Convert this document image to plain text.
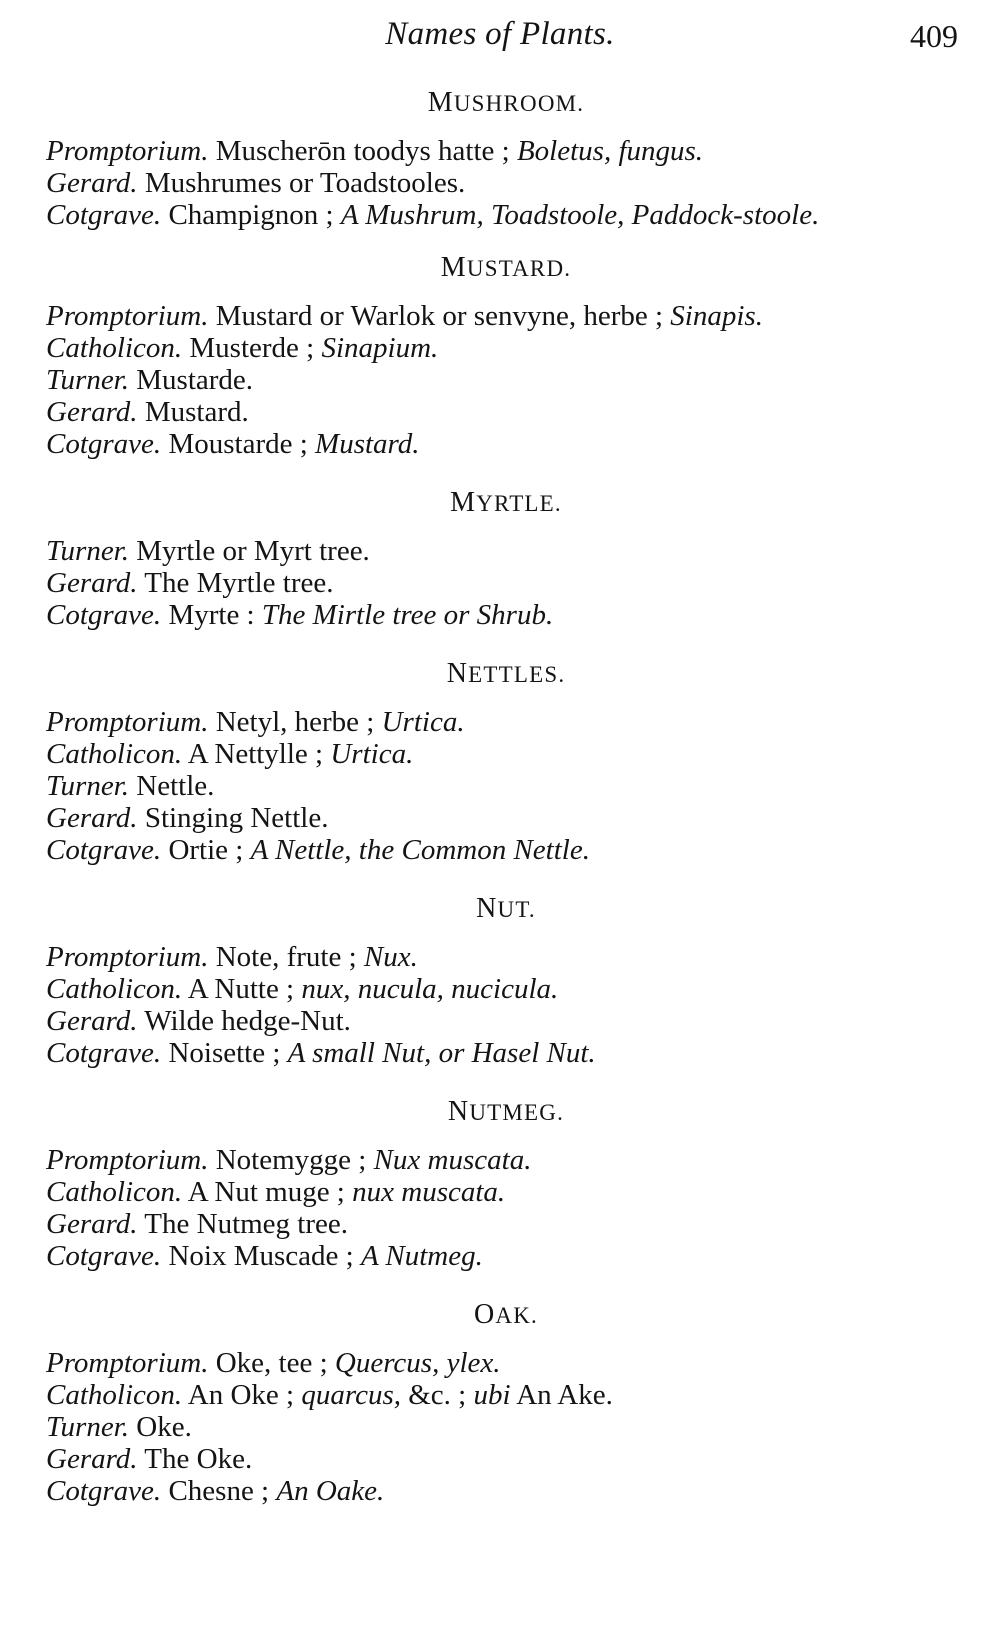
Names of Plants.	409
MUSHROOM.

Promptorium. Muscherōn toodys hatte ; Boletus, fungus.

Gerard. Mushrumes or Toadstooles.

Cotgrave. Champignon ; A Mushrum, Toadstoole, Paddock-stoole.

MUSTARD.

Promptorium. Mustard or Warlok or senvyne, herbe ; Sinapis.

Catholicon. Musterde ; Sinapium.

Turner. Mustarde.

Gerard. Mustard.

Cotgrave. Moustarde ; Mustard.

MYRTLE.

Turner. Myrtle or Myrt tree.

Gerard. The Myrtle tree.

Cotgrave. Myrte : The Mirtle tree or Shrub.

NETTLES.

Promptorium. Netyl, herbe ; Urtica.

Catholicon. A Nettylle ; Urtica.

Turner. Nettle.

Gerard. Stinging Nettle.

Cotgrave. Ortie ; A Nettle, the Common Nettle.

NUT.

Promptorium. Note, frute ; Nux.

Catholicon. A Nutte ; nux, nucula, nucicula.

Gerard. Wilde hedge-Nut.

Cotgrave. Noisette ; A small Nut, or Hasel Nut.

NUTMEG.

Promptorium. Notemygge ; Nux muscata.

Catholicon. A Nut muge ; nux muscata.

Gerard. The Nutmeg tree.

Cotgrave. Noix Muscade ; A Nutmeg.

OAK.

Promptorium. Oke, tee ; Quercus, ylex.

Catholicon. An Oke ; quarcus, &c. ; ubi An Ake.

Turner. Oke.

Gerard. The Oke.

Cotgrave. Chesne ; An Oake.
